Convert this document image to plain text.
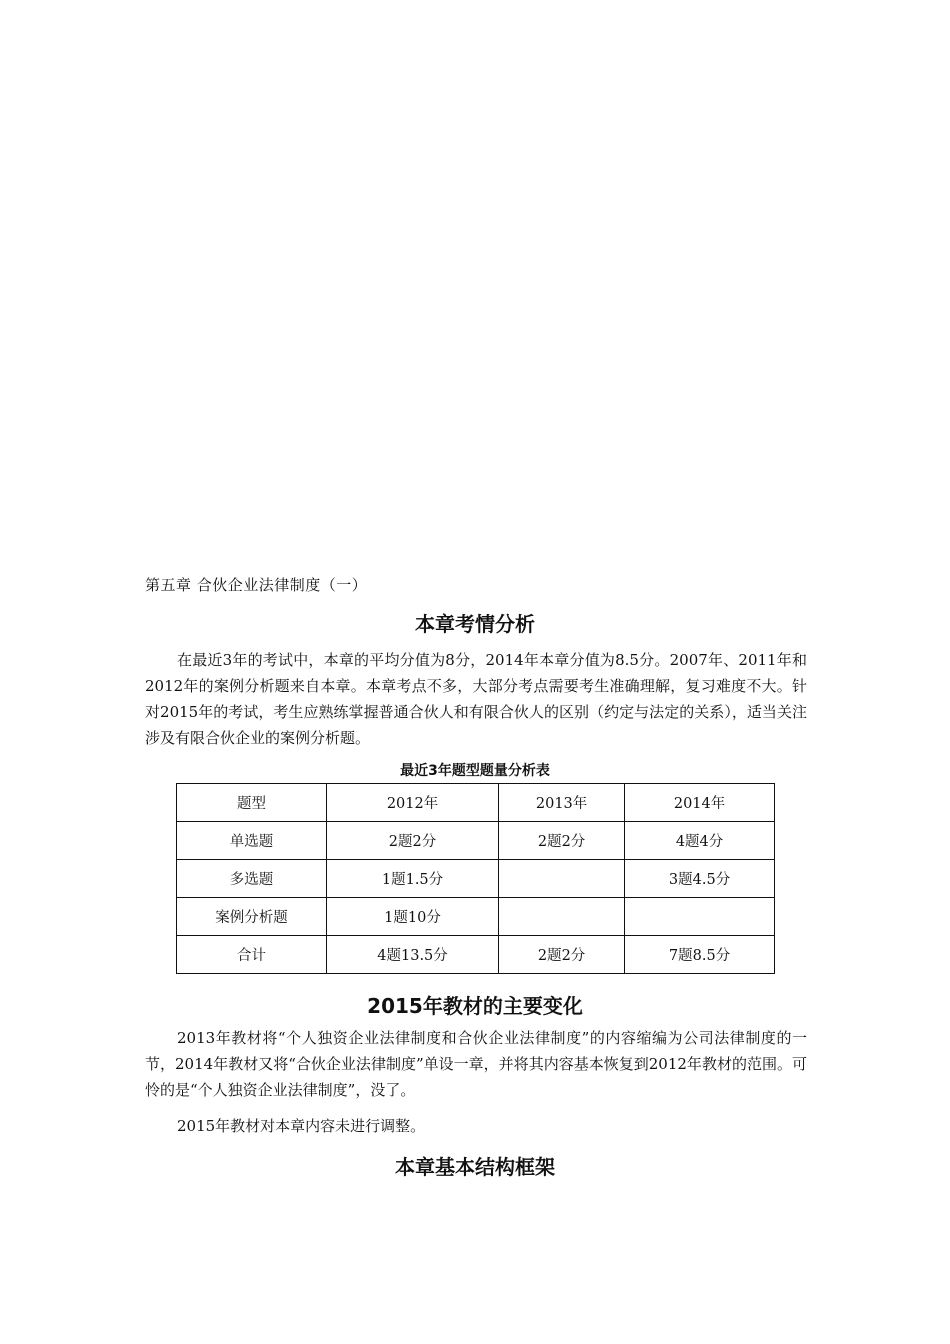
第五章 合伙企业法律制度（一）
本章考情分析
在最近3年的考试中，本章的平均分值为8分，2014年本章分值为8.5分。2007年、2011年和2012年的案例分析题来自本章。本章考点不多，大部分考点需要考生准确理解，复习难度不大。针对2015年的考试，考生应熟练掌握普通合伙人和有限合伙人的区别（约定与法定的关系），适当关注涉及有限合伙企业的案例分析题。
最近3年题型题量分析表
题型	2012年	2013年	2014年
单选题	2题2分	2题2分	4题4分
多选题	1题1.5分		3题4.5分
案例分析题	1题10分		
合计	4题13.5分	2题2分	7题8.5分
2015年教材的主要变化
2013年教材将“个人独资企业法律制度和合伙企业法律制度”的内容缩编为公司法律制度的一节，2014年教材又将“合伙企业法律制度”单设一章，并将其内容基本恢复到2012年教材的范围。可怜的是“个人独资企业法律制度”，没了。
2015年教材对本章内容未进行调整。
本章基本结构框架
